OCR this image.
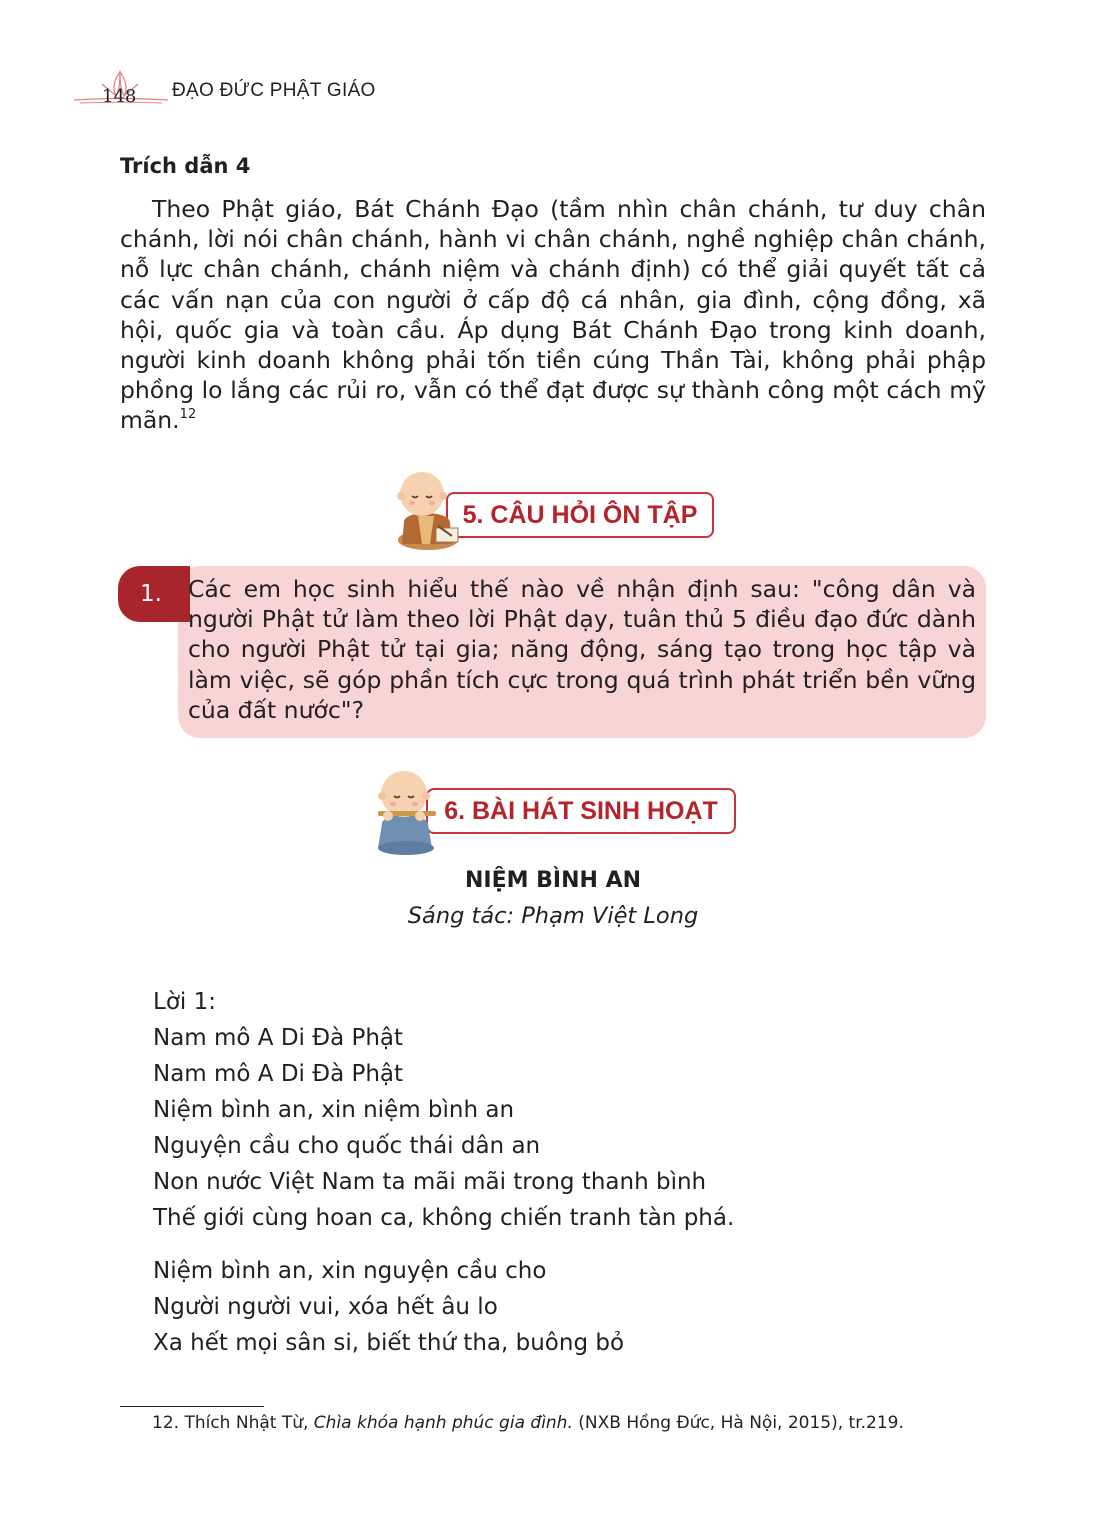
148 ĐẠO ĐỨC PHẬT GIÁO
Trích dẫn 4

Theo Phật giáo, Bát Chánh Đạo (tầm nhìn chân chánh, tư duy chân chánh, lời nói chân chánh, hành vi chân chánh, nghề nghiệp chân chánh, nỗ lực chân chánh, chánh niệm và chánh định) có thể giải quyết tất cả các vấn nạn của con người ở cấp độ cá nhân, gia đình, cộng đồng, xã hội, quốc gia và toàn cầu. Áp dụng Bát Chánh Đạo trong kinh doanh, người kinh doanh không phải tốn tiền cúng Thần Tài, không phải phập phồng lo lắng các rủi ro, vẫn có thể đạt được sự thành công một cách mỹ mãn.$^{12}$

5. CÂU HỎI ÔN TẬP
1.	Các em học sinh hiểu thế nào về nhận định sau: "công dân và người Phật tử làm theo lời Phật dạy, tuân thủ 5 điều đạo đức dành cho người Phật tử tại gia; năng động, sáng tạo trong học tập và làm việc, sẽ góp phần tích cực trong quá trình phát triển bền vững của đất nước"?

6. BÀI HÁT SINH HOẠT
NIỆM BÌNH AN
Sáng tác: Phạm Việt Long
Lời 1:
Nam mô A Di Đà Phật
Nam mô A Di Đà Phật
Niệm bình an, xin niệm bình an
Nguyện cầu cho quốc thái dân an
Non nước Việt Nam ta mãi mãi trong thanh bình
Thế giới cùng hoan ca, không chiến tranh tàn phá.
Niệm bình an, xin nguyện cầu cho
Người người vui, xóa hết âu lo
Xa hết mọi sân si, biết thứ tha, buông bỏ
12. Thích Nhật Từ, Chìa khóa hạnh phúc gia đình. (NXB Hồng Đức, Hà Nội, 2015), tr.219.
